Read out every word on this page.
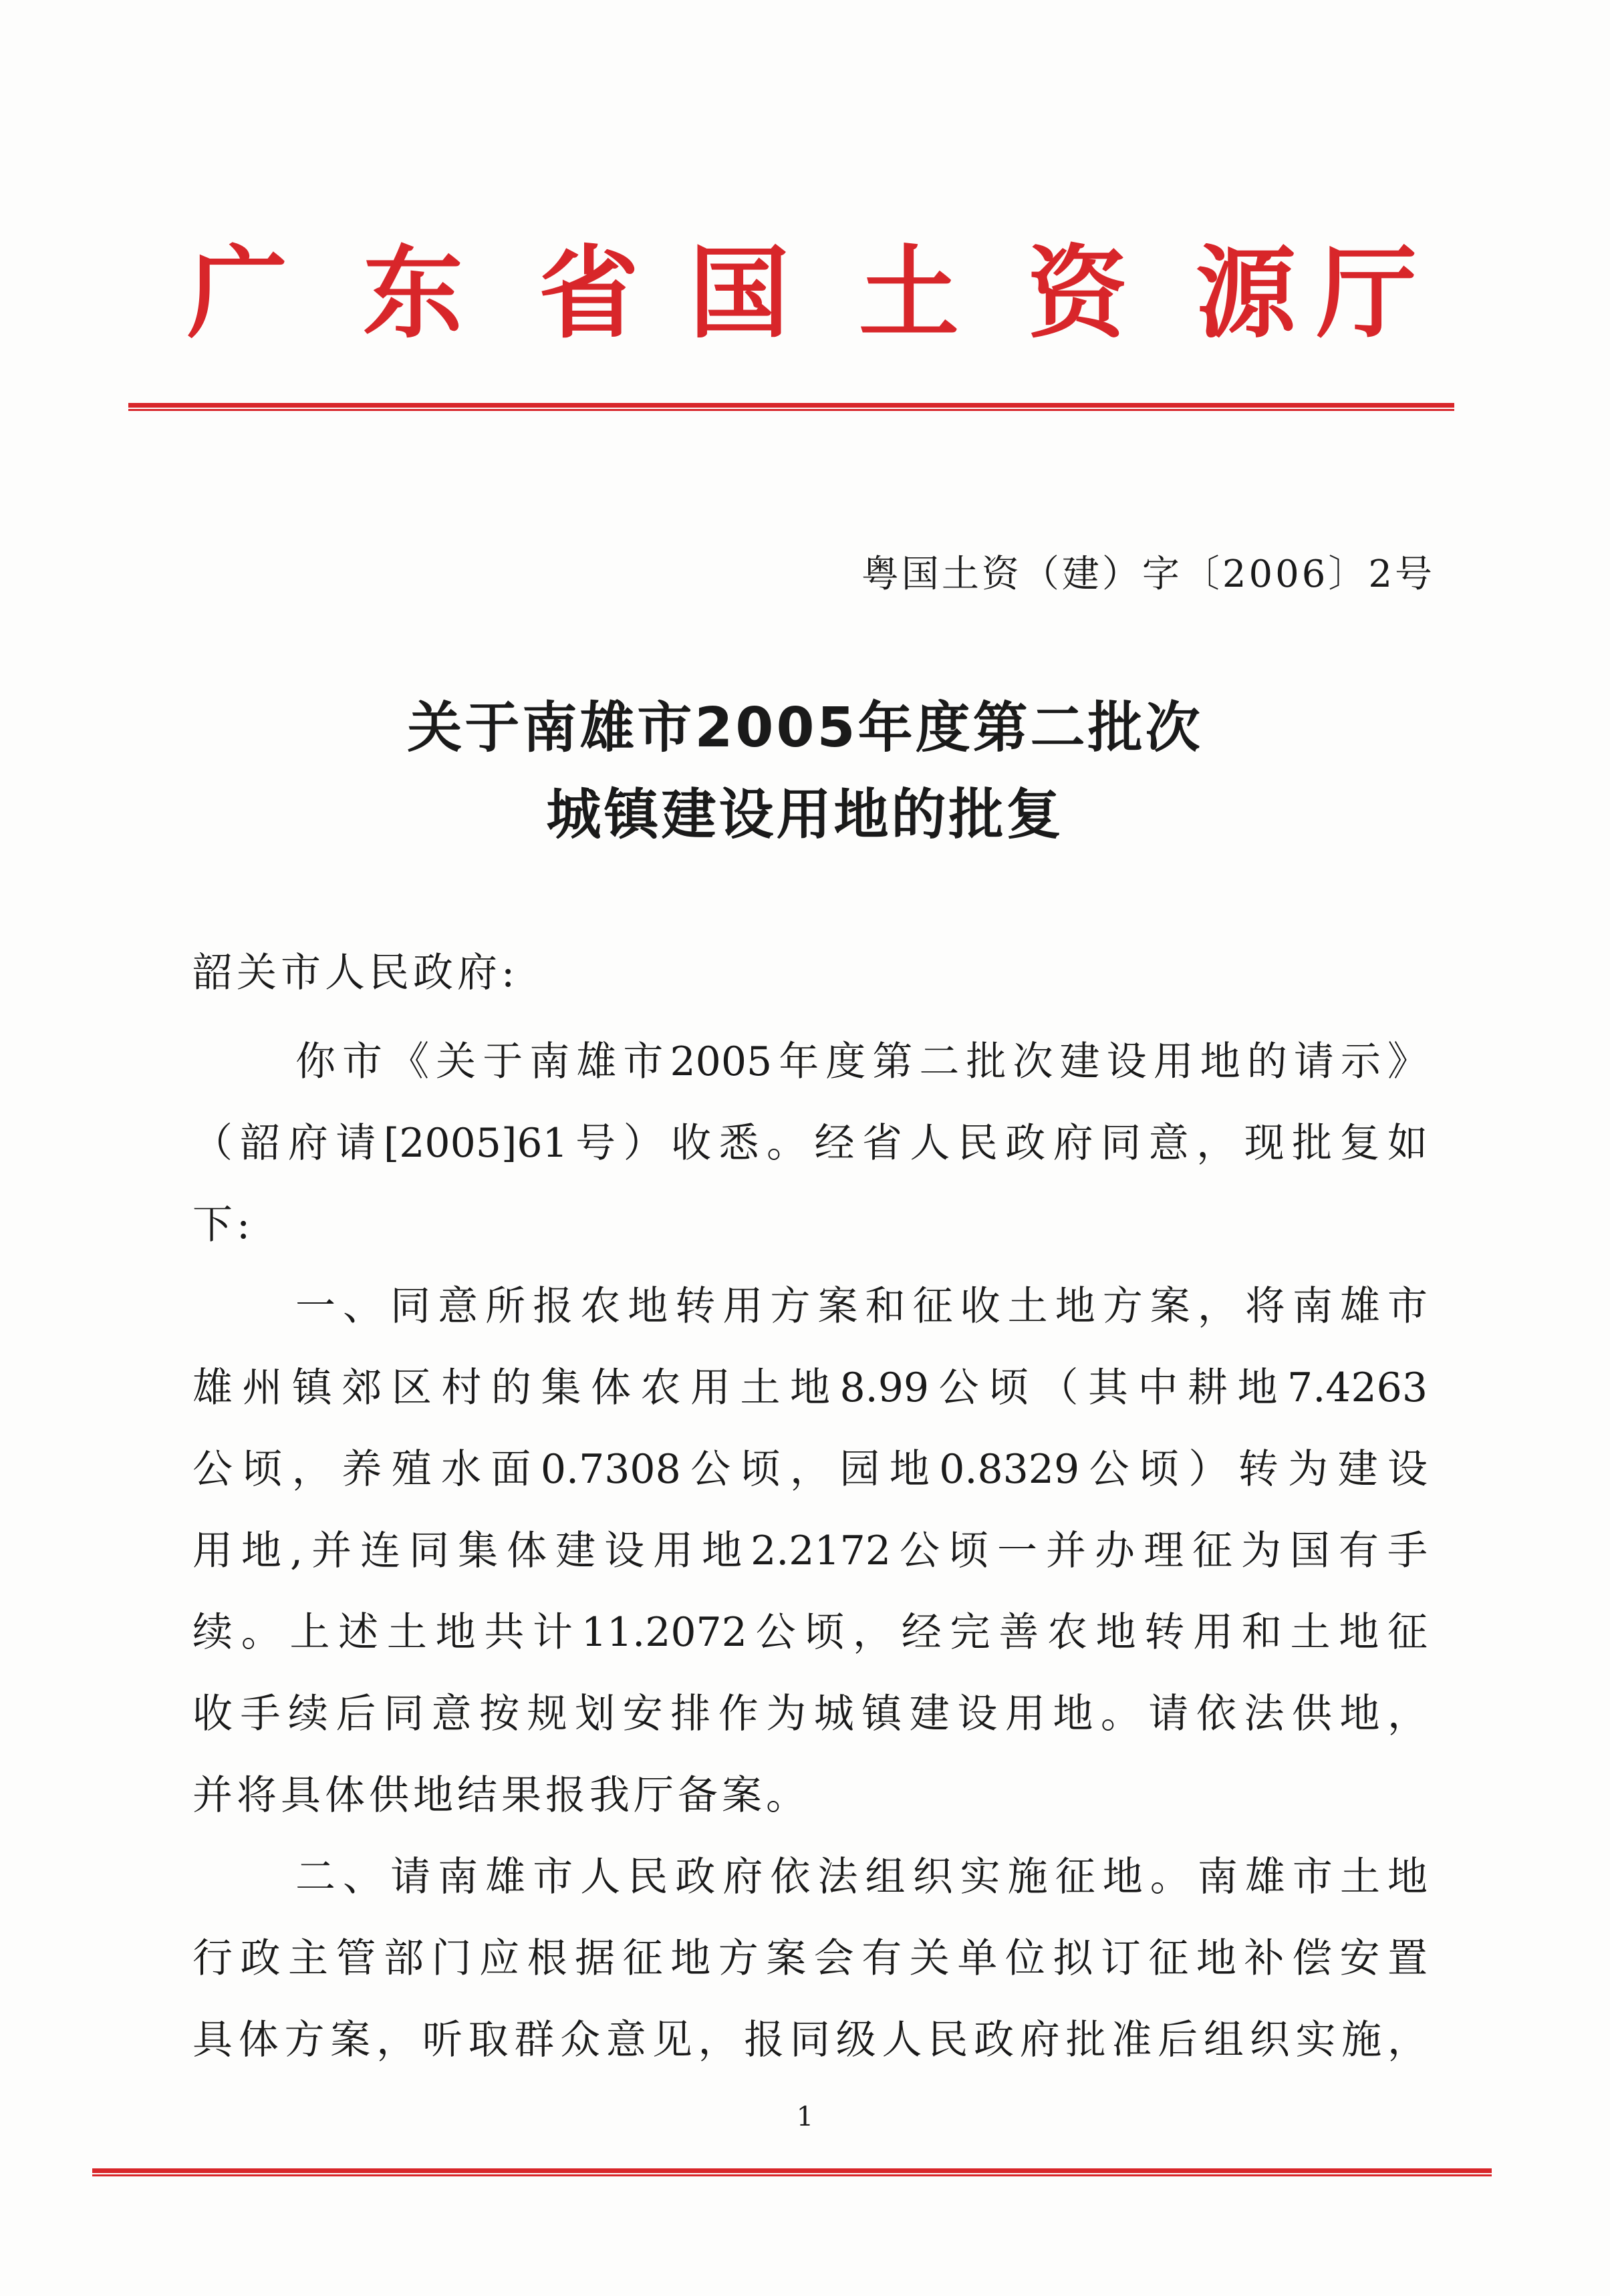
广 东 省 国 土 资 源 厅
粤国土资（建）字〔2006〕2号
关于南雄市2005年度第二批次
城镇建设用地的批复
韶关市人民政府:
你市《关于南雄市2005年度第二批次建设用地的请示》
（韶府请[2005]61号）收悉。经省人民政府同意，现批复如
下:
一、同意所报农地转用方案和征收土地方案，将南雄市
雄州镇郊区村的集体农用土地8.99公顷（其中耕地7.4263
公顷，养殖水面0.7308公顷，园地0.8329公顷）转为建设
用地,并连同集体建设用地2.2172公顷一并办理征为国有手
续。上述土地共计11.2072公顷，经完善农地转用和土地征
收手续后同意按规划安排作为城镇建设用地。请依法供地，
并将具体供地结果报我厅备案。
二、请南雄市人民政府依法组织实施征地。南雄市土地
行政主管部门应根据征地方案会有关单位拟订征地补偿安置
具体方案，听取群众意见，报同级人民政府批准后组织实施，
1
